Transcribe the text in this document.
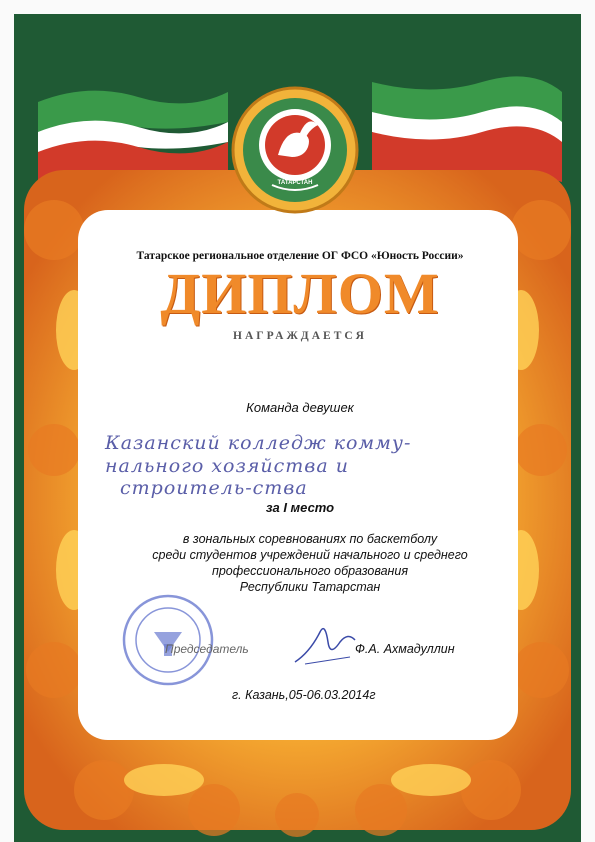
ТАТАРСТАН
Татарское региональное отделение ОГ ФСО «Юность России»
ДИПЛОМ
НАГРАЖДАЕТСЯ
Команда девушек
Казанский колледж комму-
нального хозяйства и
строитель-ства
за I место
в зональных соревнованиях по баскетболу
среди студентов учреждений начального и среднего
профессионального образования
Республики Татарстан
Председатель	Ф.А. Ахмадуллин
г. Казань,05-06.03.2014г
